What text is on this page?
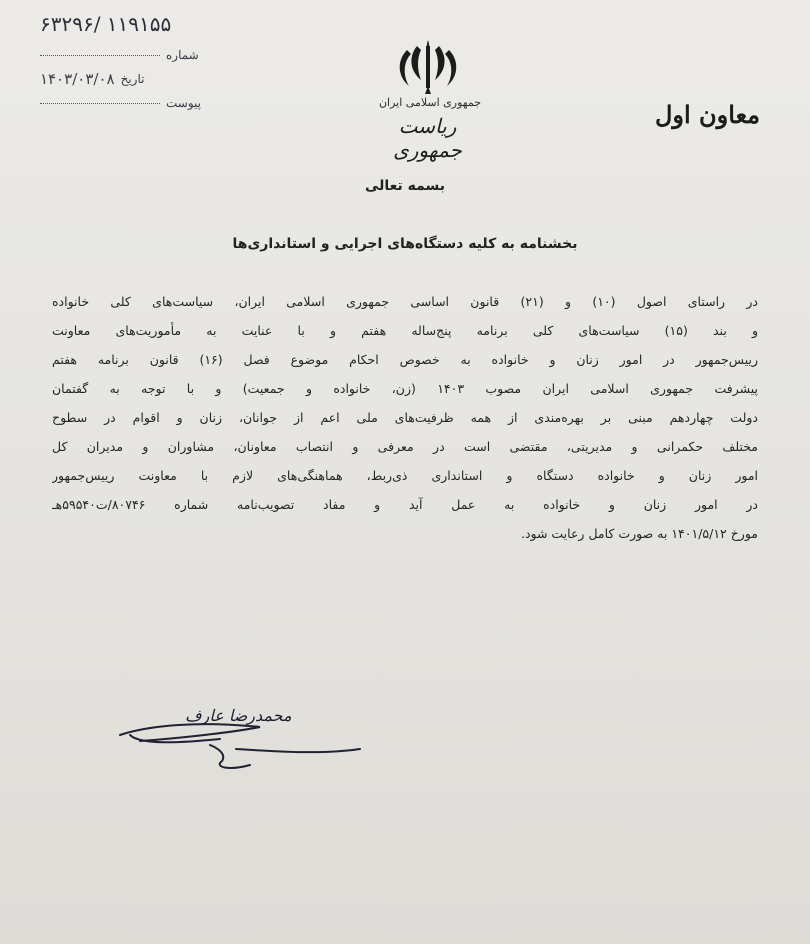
۶۳۲۹۶/ ۱۱۹۱۵۵
شماره
۱۴۰۳/۰۳/۰۸ تاریخ
پیوست	جمهوری اسلامی ایران
ریاست جمهوری
معاون اول
بسمه تعالی
بخشنامه به کلیه دستگاه‌های اجرایی و استانداری‌ها
در راستای اصول (۱۰) و (۲۱) قانون اساسی جمهوری اسلامی ایران، سیاست‌های کلی خانواده
و بند (۱۵) سیاست‌های کلی برنامه پنج‌ساله هفتم و با عنایت به مأموریت‌های معاونت
رییس‌جمهور در امور زنان و خانواده به خصوص احکام موضوع فصل (۱۶) قانون برنامه هفتم
پیشرفت جمهوری اسلامی ایران مصوب ۱۴۰۳ (زن، خانواده و جمعیت) و با توجه به گفتمان
دولت چهاردهم مبنی بر بهره‌مندی از همه ظرفیت‌های ملی اعم از جوانان، زنان و اقوام در سطوح
مختلف حکمرانی و مدیریتی، مقتضی است در معرفی و انتصاب معاونان، مشاوران و مدیران کل
امور زنان و خانواده دستگاه و استانداری ذی‌ربط، هماهنگی‌های لازم با معاونت رییس‌جمهور
در امور زنان و خانواده به عمل آید و مفاد تصویب‌نامه شماره ۸۰۷۴۶/ت۵۹۵۴۰هـ
مورخ ۱۴۰۱/۵/۱۲ به صورت کامل رعایت شود.
محمدرضا عارف
